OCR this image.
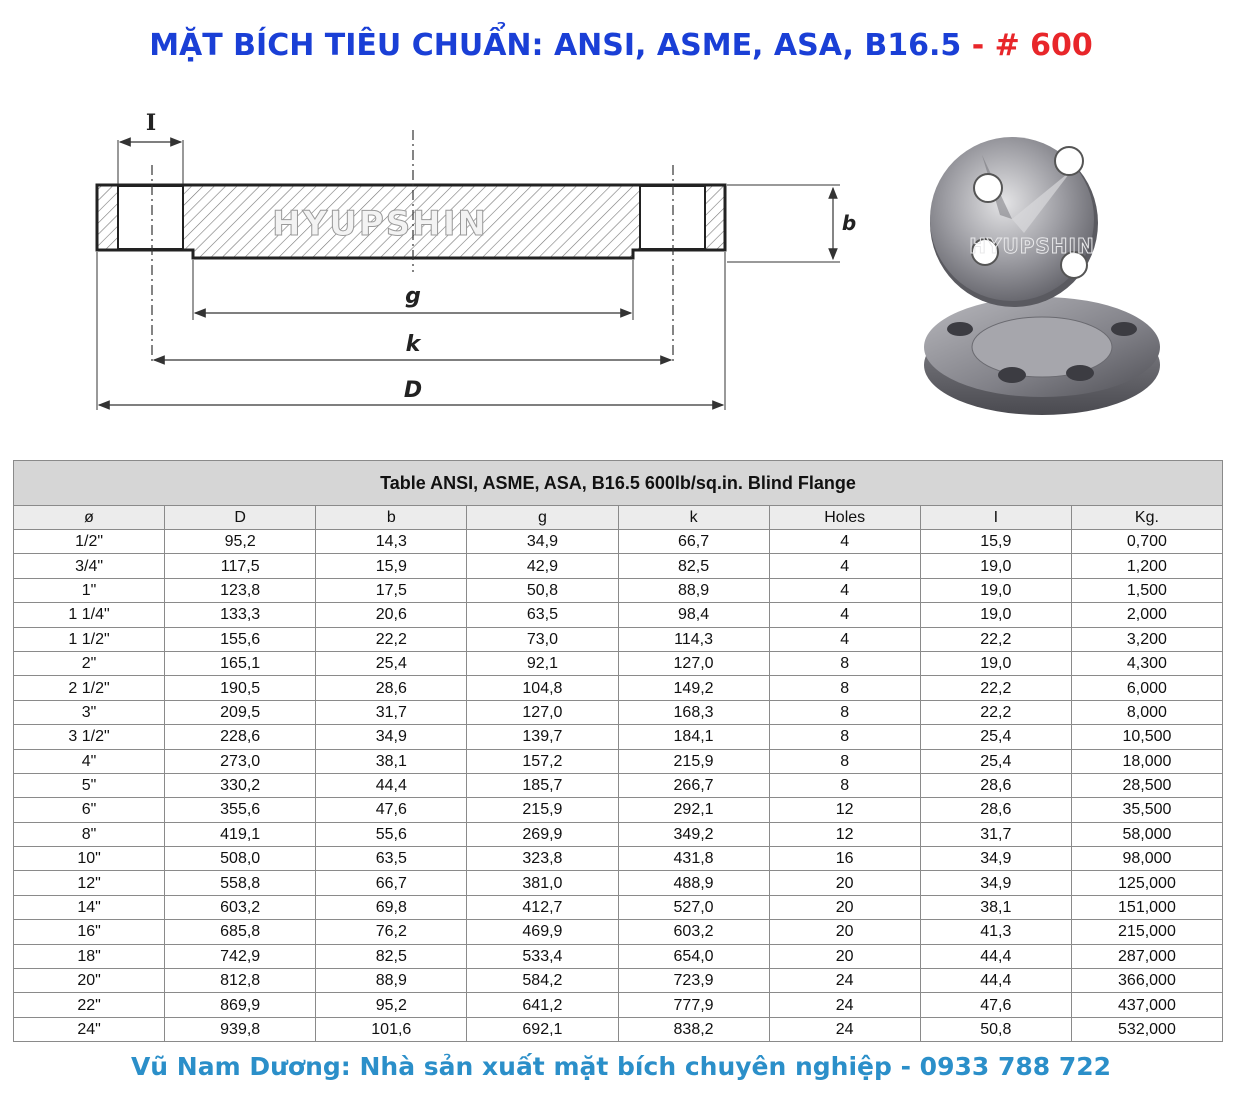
MẶT BÍCH TIÊU CHUẨN: ANSI, ASME, ASA, B16.5 - # 600
HYUPSHIN
I
b
g
k
D
HYUPSHIN
Table ANSI, ASME, ASA, B16.5 600lb/sq.in. Blind Flange							
ø	D	b	g	k	Holes	I	Kg.
1/2"	95,2	14,3	34,9	66,7	4	15,9	0,700
3/4"	117,5	15,9	42,9	82,5	4	19,0	1,200
1"	123,8	17,5	50,8	88,9	4	19,0	1,500
1 1/4"	133,3	20,6	63,5	98,4	4	19,0	2,000
1 1/2"	155,6	22,2	73,0	114,3	4	22,2	3,200
2"	165,1	25,4	92,1	127,0	8	19,0	4,300
2 1/2"	190,5	28,6	104,8	149,2	8	22,2	6,000
3"	209,5	31,7	127,0	168,3	8	22,2	8,000
3 1/2"	228,6	34,9	139,7	184,1	8	25,4	10,500
4"	273,0	38,1	157,2	215,9	8	25,4	18,000
5"	330,2	44,4	185,7	266,7	8	28,6	28,500
6"	355,6	47,6	215,9	292,1	12	28,6	35,500
8"	419,1	55,6	269,9	349,2	12	31,7	58,000
10"	508,0	63,5	323,8	431,8	16	34,9	98,000
12"	558,8	66,7	381,0	488,9	20	34,9	125,000
14"	603,2	69,8	412,7	527,0	20	38,1	151,000
16"	685,8	76,2	469,9	603,2	20	41,3	215,000
18"	742,9	82,5	533,4	654,0	20	44,4	287,000
20"	812,8	88,9	584,2	723,9	24	44,4	366,000
22"	869,9	95,2	641,2	777,9	24	47,6	437,000
24"	939,8	101,6	692,1	838,2	24	50,8	532,000
Vũ Nam Dương: Nhà sản xuất mặt bích chuyên nghiệp - 0933 788 722
